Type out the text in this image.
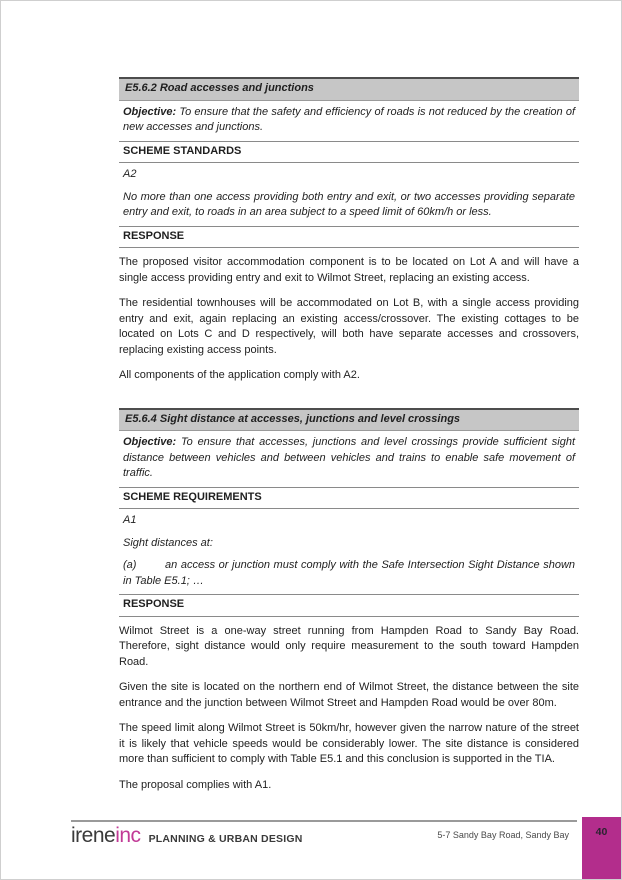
E5.6.2 Road accesses and junctions
Objective: To ensure that the safety and efficiency of roads is not reduced by the creation of new accesses and junctions.
SCHEME STANDARDS

A2

No more than one access providing both entry and exit, or two accesses providing separate entry and exit, to roads in an area subject to a speed limit of 60km/h or less.

RESPONSE

The proposed visitor accommodation component is to be located on Lot A and will have a single access providing entry and exit to Wilmot Street, replacing an existing access.

The residential townhouses will be accommodated on Lot B, with a single access providing entry and exit, again replacing an existing access/crossover. The existing cottages to be located on Lots C and D respectively, will both have separate accesses and crossovers, replacing existing access points.

All components of the application comply with A2.

E5.6.4 Sight distance at accesses, junctions and level crossings
Objective: To ensure that accesses, junctions and level crossings provide sufficient sight distance between vehicles and between vehicles and trains to enable safe movement of traffic.
SCHEME REQUIREMENTS

A1

Sight distances at:

(a)	an access or junction must comply with the Safe Intersection Sight Distance shown in Table E5.1; …

RESPONSE

Wilmot Street is a one-way street running from Hampden Road to Sandy Bay Road. Therefore, sight distance would only require measurement to the south toward Hampden Road.

Given the site is located on the northern end of Wilmot Street, the distance between the site entrance and the junction between Wilmot Street and Hampden Road would be over 80m.

The speed limit along Wilmot Street is 50km/hr, however given the narrow nature of the street it is likely that vehicle speeds would be considerably lower. The site distance is considered more than sufficient to comply with Table E5.1 and this conclusion is supported in the TIA.

The proposal complies with A1.

ireneinc PLANNING & URBAN DESIGN	5-7 Sandy Bay Road, Sandy Bay	40
